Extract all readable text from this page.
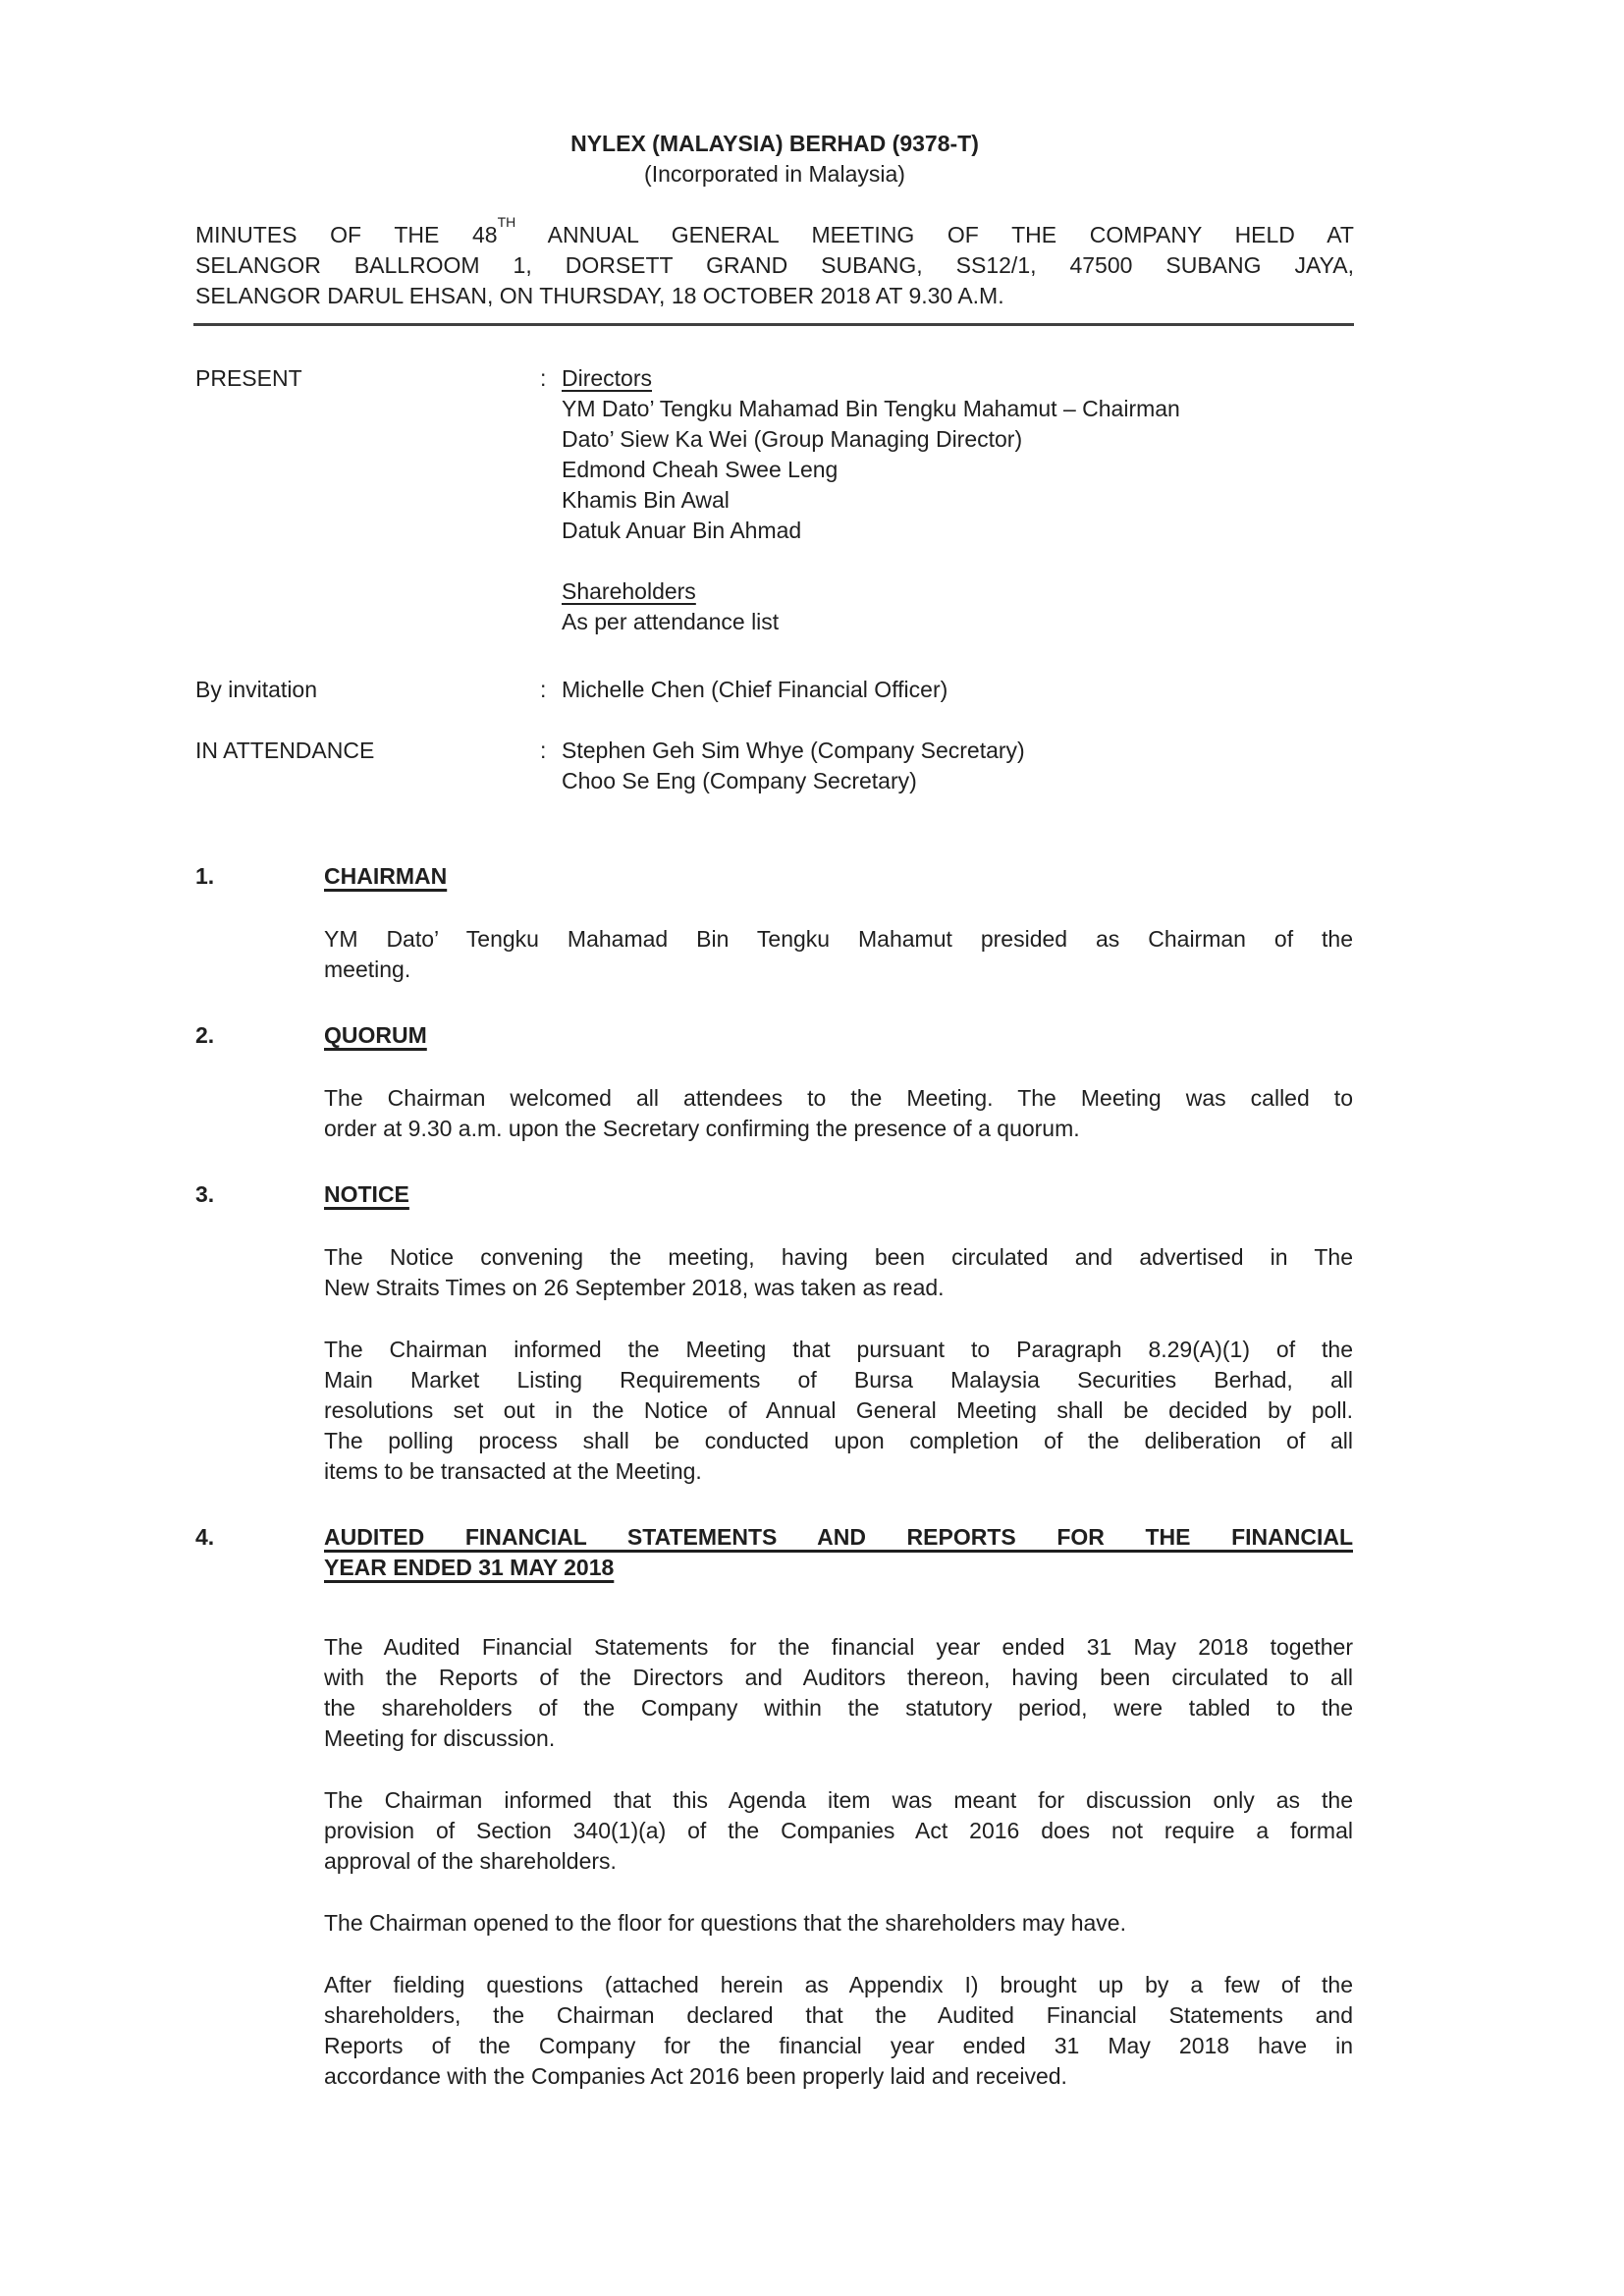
NYLEX (MALAYSIA) BERHAD (9378-T)
(Incorporated in Malaysia)
MINUTES OF THE 48TH ANNUAL GENERAL MEETING OF THE COMPANY HELD AT
SELANGOR BALLROOM 1, DORSETT GRAND SUBANG, SS12/1, 47500 SUBANG JAYA,
SELANGOR DARUL EHSAN, ON THURSDAY, 18 OCTOBER 2018 AT 9.30 A.M.
PRESENT	: Directors
YM Dato’ Tengku Mahamad Bin Tengku Mahamut – Chairman
Dato’ Siew Ka Wei (Group Managing Director)
Edmond Cheah Swee Leng
Khamis Bin Awal
Datuk Anuar Bin Ahmad
Shareholders
As per attendance list
By invitation	: Michelle Chen (Chief Financial Officer)
IN ATTENDANCE	: Stephen Geh Sim Whye (Company Secretary)
Choo Se Eng (Company Secretary)
1.	CHAIRMAN
YM Dato’ Tengku Mahamad Bin Tengku Mahamut presided as Chairman of the
meeting.
2.	QUORUM
The Chairman welcomed all attendees to the Meeting. The Meeting was called to
order at 9.30 a.m. upon the Secretary confirming the presence of a quorum.
3.	NOTICE
The Notice convening the meeting, having been circulated and advertised in The
New Straits Times on 26 September 2018, was taken as read.
The Chairman informed the Meeting that pursuant to Paragraph 8.29(A)(1) of the
Main Market Listing Requirements of Bursa Malaysia Securities Berhad, all
resolutions set out in the Notice of Annual General Meeting shall be decided by poll.
The polling process shall be conducted upon completion of the deliberation of all
items to be transacted at the Meeting.
4.	AUDITED FINANCIAL STATEMENTS AND REPORTS FOR THE FINANCIAL
YEAR ENDED 31 MAY 2018
The Audited Financial Statements for the financial year ended 31 May 2018 together
with the Reports of the Directors and Auditors thereon, having been circulated to all
the shareholders of the Company within the statutory period, were tabled to the
Meeting for discussion.
The Chairman informed that this Agenda item was meant for discussion only as the
provision of Section 340(1)(a) of the Companies Act 2016 does not require a formal
approval of the shareholders.
The Chairman opened to the floor for questions that the shareholders may have.
After fielding questions (attached herein as Appendix I) brought up by a few of the
shareholders, the Chairman declared that the Audited Financial Statements and
Reports of the Company for the financial year ended 31 May 2018 have in
accordance with the Companies Act 2016 been properly laid and received.
